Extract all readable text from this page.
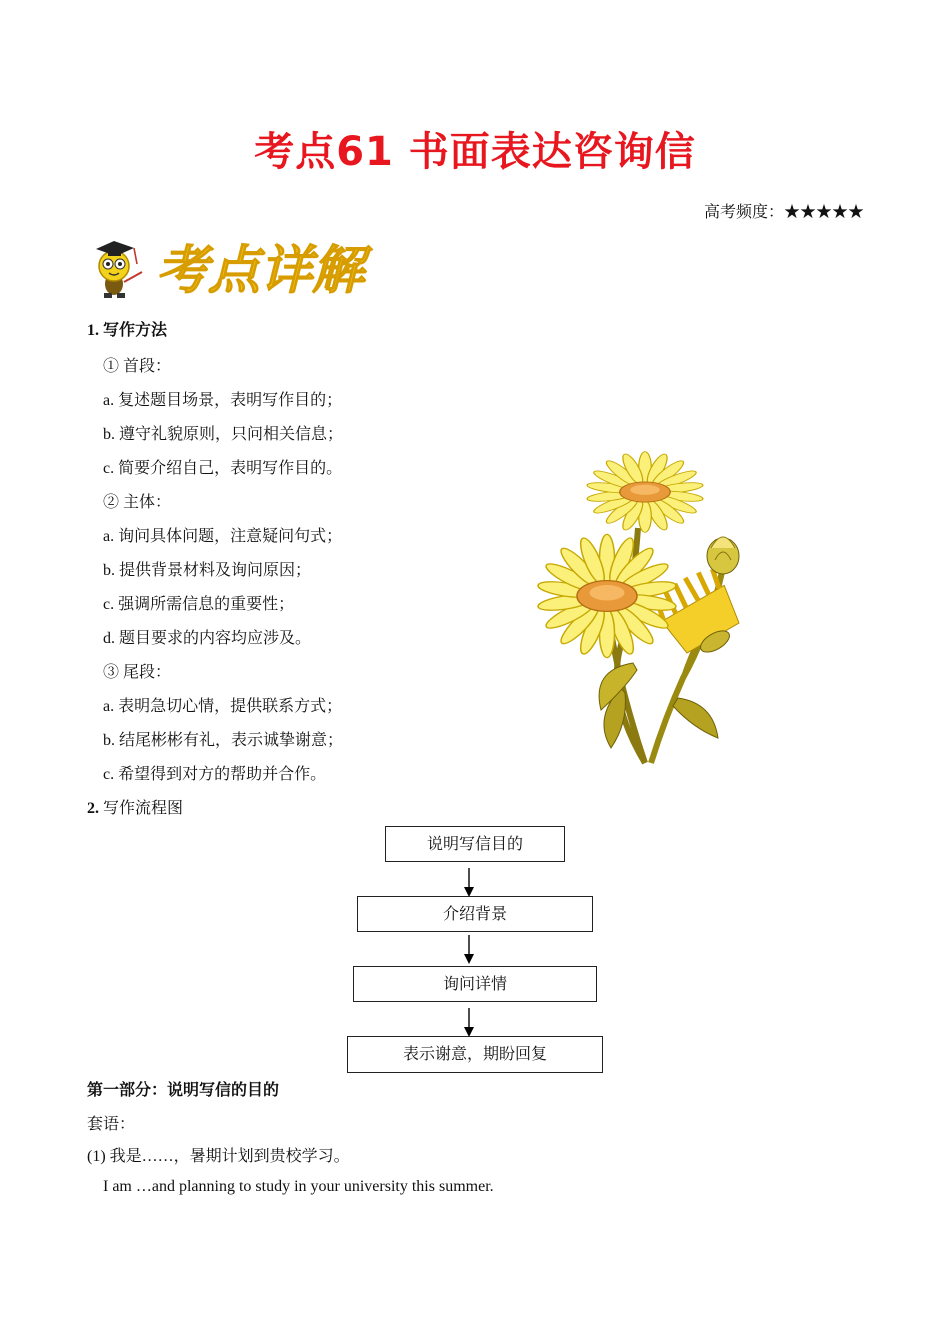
考点61 书面表达咨询信
高考频度：★★★★★
考点详解
1. 写作方法
① 首段：
a. 复述题目场景，表明写作目的；
b. 遵守礼貌原则，只问相关信息；
c. 简要介绍自己，表明写作目的。
② 主体：
a. 询问具体问题，注意疑问句式；
b. 提供背景材料及询问原因；
c. 强调所需信息的重要性；
d. 题目要求的内容均应涉及。
③ 尾段：
a. 表明急切心情，提供联系方式；
b. 结尾彬彬有礼，表示诚挚谢意；
c. 希望得到对方的帮助并合作。
2. 写作流程图
说明写信目的
介绍背景
询问详情
表示谢意，期盼回复
第一部分：说明写信的目的
套语：
(1) 我是……，暑期计划到贵校学习。
I am …and planning to study in your university this summer.
